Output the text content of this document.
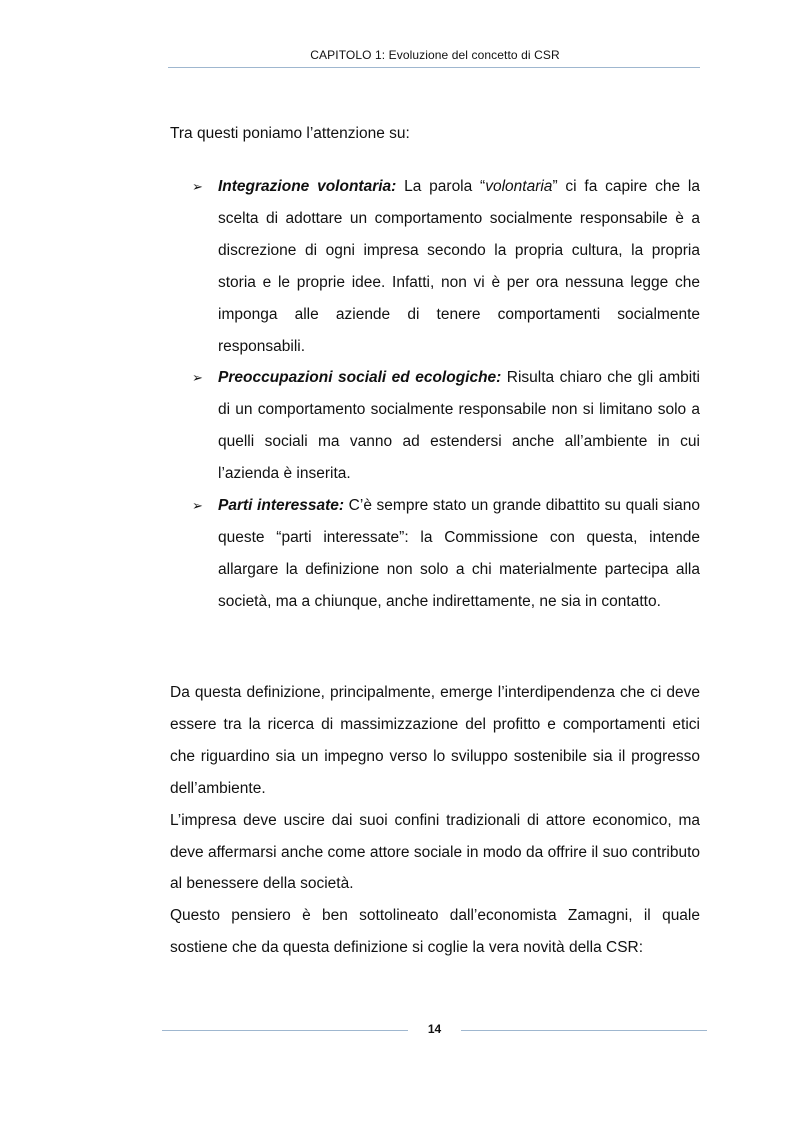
CAPITOLO 1: Evoluzione del concetto di CSR

Tra questi poniamo l’attenzione su:

➢ Integrazione volontaria: La parola “volontaria” ci fa capire che la scelta di adottare un comportamento socialmente responsabile è a discrezione di ogni impresa secondo la propria cultura, la propria storia e le proprie idee. Infatti, non vi è per ora nessuna legge che imponga alle aziende di tenere comportamenti socialmente responsabili.
➢ Preoccupazioni sociali ed ecologiche: Risulta chiaro che gli ambiti di un comportamento socialmente responsabile non si limitano solo a quelli sociali ma vanno ad estendersi anche all’ambiente in cui l’azienda è inserita.
➢ Parti interessate: C’è sempre stato un grande dibattito su quali siano queste “parti interessate”: la Commissione con questa, intende allargare la definizione non solo a chi materialmente partecipa alla società, ma a chiunque, anche indirettamente, ne sia in contatto.

Da questa definizione, principalmente, emerge l’interdipendenza che ci deve essere tra la ricerca di massimizzazione del profitto e comportamenti etici che riguardino sia un impegno verso lo sviluppo sostenibile sia il progresso dell’ambiente.

L’impresa deve uscire dai suoi confini tradizionali di attore economico, ma deve affermarsi anche come attore sociale in modo da offrire il suo contributo al benessere della società.

Questo pensiero è ben sottolineato dall’economista Zamagni, il quale sostiene che da questa definizione si coglie la vera novità della CSR:

14
